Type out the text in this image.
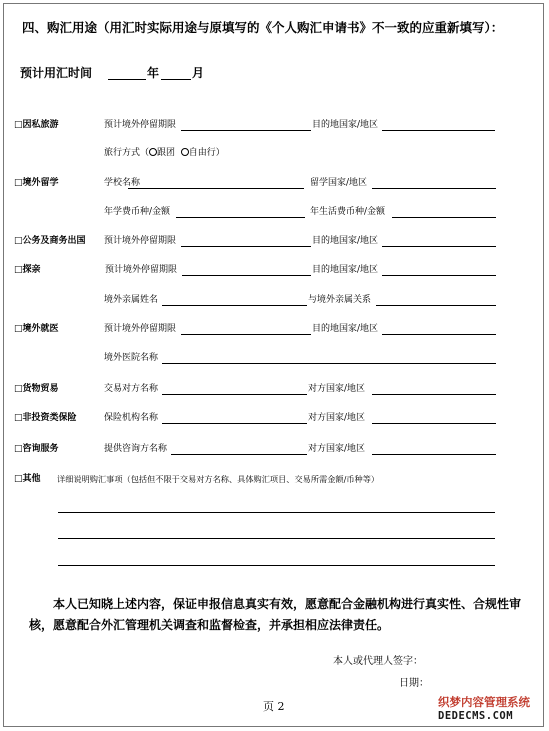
四、购汇用途（用汇时实际用途与原填写的《个人购汇申请书》不一致的应重新填写）：
预计用汇时间	年	月
□因私旅游	预计境外停留期限	目的地国家/地区
旅行方式（ 跟团 自由行）
□境外留学	学校名称	留学国家/地区
年学费币种/金额	年生活费币种/金额
□公务及商务出国 预计境外停留期限	目的地国家/地区
□探亲	预计境外停留期限	目的地国家/地区
境外亲属姓名	与境外亲属关系
□境外就医	预计境外停留期限	目的地国家/地区
境外医院名称
□货物贸易	交易对方名称	对方国家/地区
□非投资类保险	保险机构名称	对方国家/地区
□咨询服务	提供咨询方名称	对方国家/地区
□其他 详细说明购汇事项（包括但不限于交易对方名称、具体购汇项目、交易所需金额/币种等）
本人已知晓上述内容，保证申报信息真实有效，愿意配合金融机构进行真实性、合规性审核，愿意配合外汇管理机关调查和监督检查，并承担相应法律责任。
本人或代理人签字：
日期：
页 2	织梦内容管理系统
DEDECMS.COM
